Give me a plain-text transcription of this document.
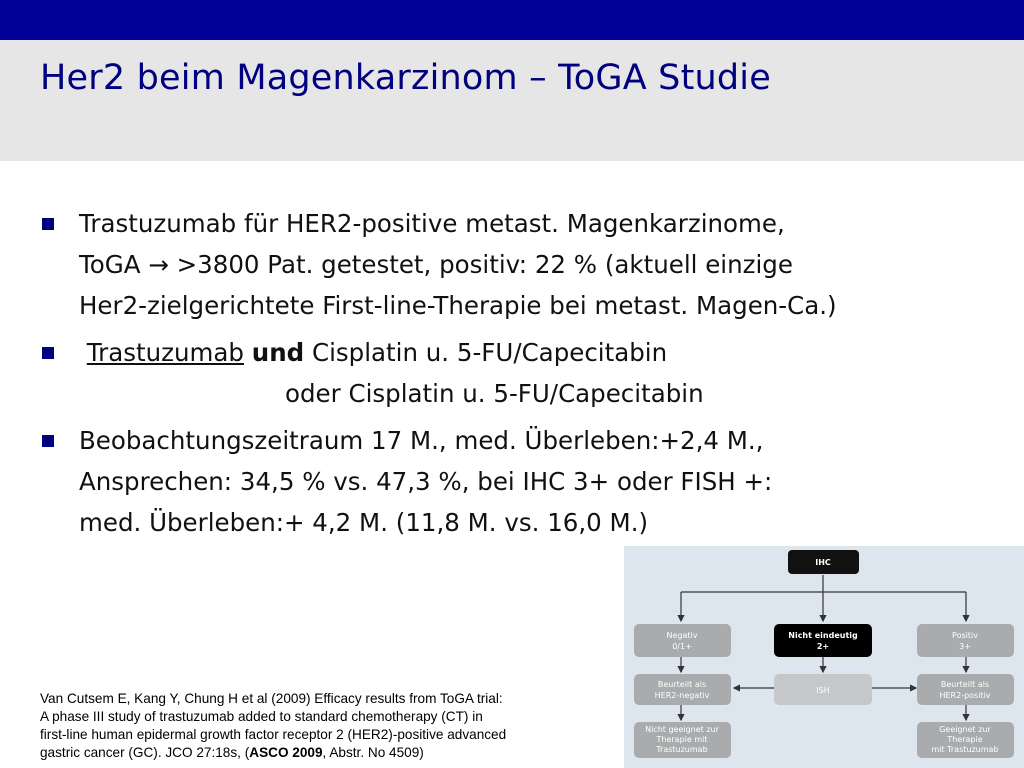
Her2 beim Magenkarzinom – ToGA Studie
Trastuzumab für HER2-positive metast. Magenkarzinome,
ToGA → >3800 Pat. getestet, positiv: 22 % (aktuell einzige
Her2-zielgerichtete First-line-Therapie bei metast. Magen-Ca.)
Trastuzumab und Cisplatin u. 5-FU/Capecitabin
oder Cisplatin u. 5-FU/Capecitabin
Beobachtungszeitraum 17 M., med. Überleben:+2,4 M.,
Ansprechen: 34,5 % vs. 47,3 %, bei IHC 3+ oder FISH +:
med. Überleben:+ 4,2 M. (11,8 M. vs. 16,0 M.)
Van Cutsem E, Kang Y, Chung H et al (2009) Efficacy results from ToGA trial:
A phase III study of trastuzumab added to standard chemotherapy (CT) in
first-line human epidermal growth factor receptor 2 (HER2)-positive advanced
gastric cancer (GC). JCO 27:18s, (ASCO 2009, Abstr. No 4509)
IHC
Negativ
0/1+
Nicht eindeutig
2+
Positiv
3+
Beurteilt als
HER2-negativ
ISH
Beurteilt als
HER2-positiv
Nicht geeignet zur
Therapie mit
Trastuzumab
Geeignet zur
Therapie
mit Trastuzumab
